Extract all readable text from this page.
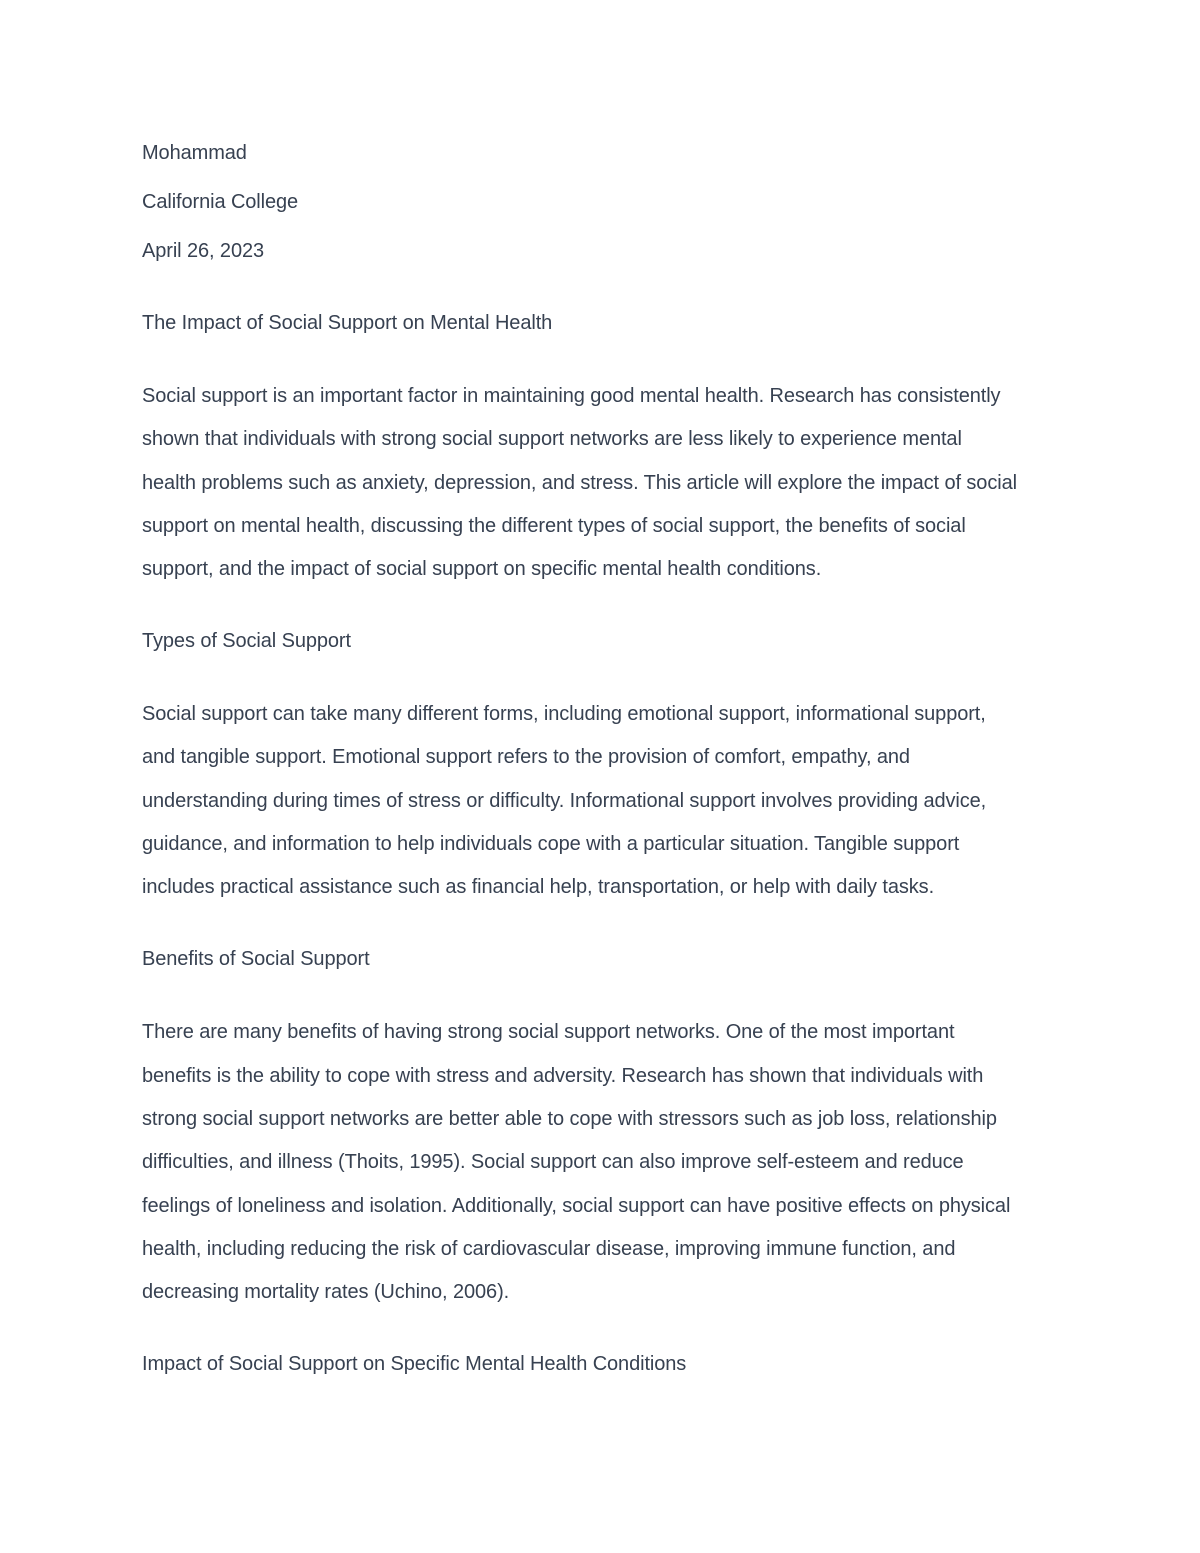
Mohammad

California College

April 26, 2023

The Impact of Social Support on Mental Health

Social support is an important factor in maintaining good mental health. Research has consistently

shown that individuals with strong social support networks are less likely to experience mental

health problems such as anxiety, depression, and stress. This article will explore the impact of social

support on mental health, discussing the different types of social support, the benefits of social

support, and the impact of social support on specific mental health conditions.

Types of Social Support

Social support can take many different forms, including emotional support, informational support,

and tangible support. Emotional support refers to the provision of comfort, empathy, and

understanding during times of stress or difficulty. Informational support involves providing advice,

guidance, and information to help individuals cope with a particular situation. Tangible support

includes practical assistance such as financial help, transportation, or help with daily tasks.

Benefits of Social Support

There are many benefits of having strong social support networks. One of the most important

benefits is the ability to cope with stress and adversity. Research has shown that individuals with

strong social support networks are better able to cope with stressors such as job loss, relationship

difficulties, and illness (Thoits, 1995). Social support can also improve self-esteem and reduce

feelings of loneliness and isolation. Additionally, social support can have positive effects on physical

health, including reducing the risk of cardiovascular disease, improving immune function, and

decreasing mortality rates (Uchino, 2006).

Impact of Social Support on Specific Mental Health Conditions
